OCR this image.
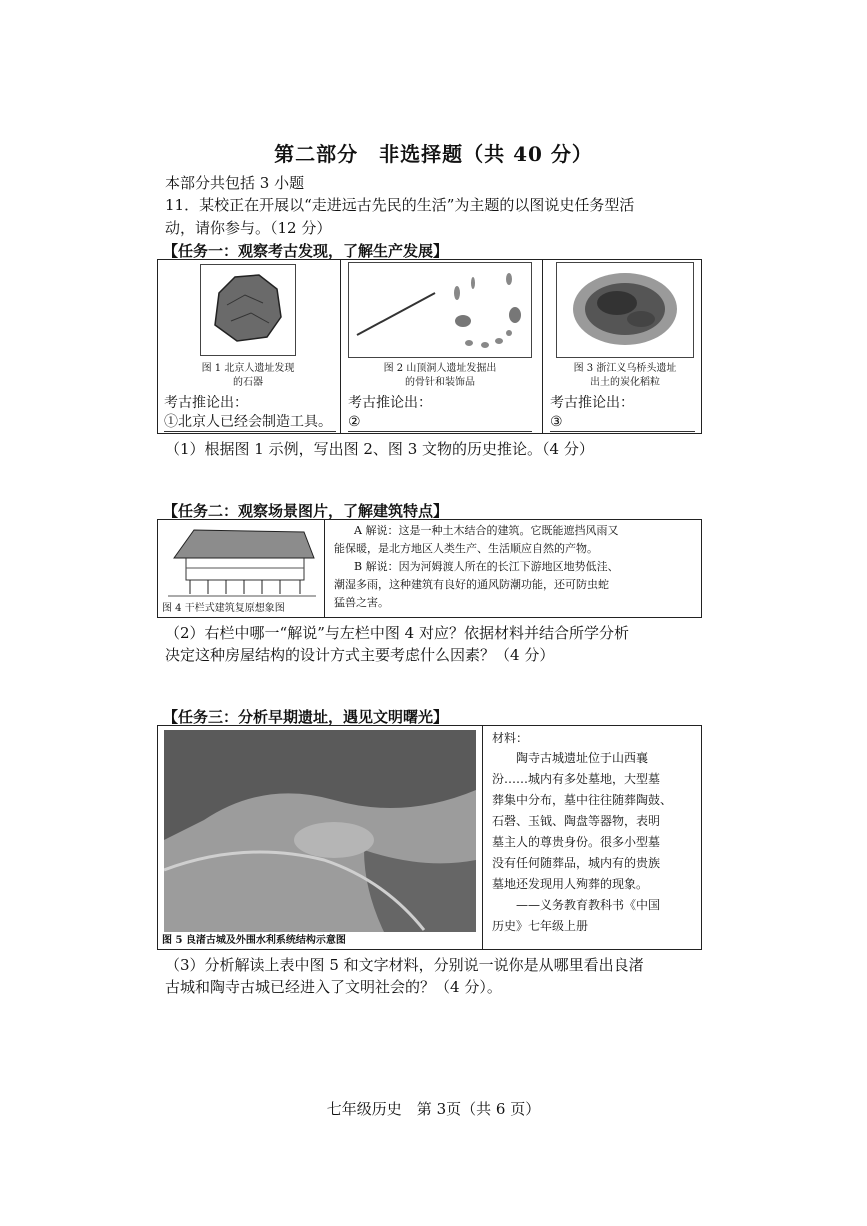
第二部分　非选择题（共 40 分）
本部分共包括 3 小题
11．某校正在开展以“走进远古先民的生活”为主题的以图说史任务型活
动，请你参与。（12 分）
【任务一：观察考古发现，了解生产发展】
图 1 北京人遗址发现
的石器
考古推论出：
①北京人已经会制造工具。
图 2 山顶洞人遗址发掘出
的骨针和装饰品
考古推论出：
②
图 3 浙江义乌桥头遗址
出土的炭化稻粒
考古推论出：
③
（1）根据图 1 示例，写出图 2、图 3 文物的历史推论。（4 分）
【任务二：观察场景图片，了解建筑特点】
图 4 干栏式建筑复原想象图
A 解说：这是一种土木结合的建筑。它既能遮挡风雨又
能保暖，是北方地区人类生产、生活顺应自然的产物。
B 解说：因为河姆渡人所在的长江下游地区地势低洼、
潮湿多雨，这种建筑有良好的通风防潮功能，还可防虫蛇
猛兽之害。
（2）右栏中哪一“解说”与左栏中图 4 对应？依据材料并结合所学分析
决定这种房屋结构的设计方式主要考虑什么因素？（4 分）
【任务三：分析早期遗址，遇见文明曙光】
图 5 良渚古城及外围水利系统结构示意图
材料：
　　陶寺古城遗址位于山西襄
汾……城内有多处墓地，大型墓
葬集中分布，墓中往往随葬陶鼓、
石磬、玉钺、陶盘等器物，表明
墓主人的尊贵身份。很多小型墓
没有任何随葬品，城内有的贵族
墓地还发现用人殉葬的现象。
　　——义务教育教科书《中国
历史》七年级上册
（3）分析解读上表中图 5 和文字材料，分别说一说你是从哪里看出良渚
古城和陶寺古城已经进入了文明社会的？（4 分）。
七年级历史　第 3页（共 6 页）
